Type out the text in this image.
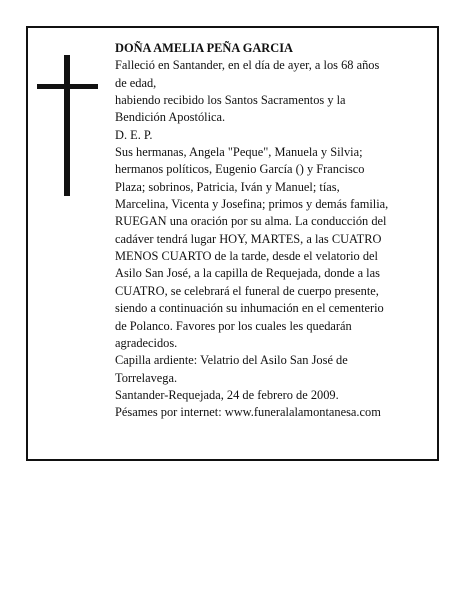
DOÑA AMELIA PEÑA GARCIA
Falleció en Santander, en el día de ayer, a los 68 años
de edad,
habiendo recibido los Santos Sacramentos y la
Bendición Apostólica.
D. E. P.
Sus hermanas, Angela "Peque", Manuela y Silvia;
hermanos políticos, Eugenio García () y Francisco
Plaza; sobrinos, Patricia, Iván y Manuel; tías,
Marcelina, Vicenta y Josefina; primos y demás familia,
RUEGAN una oración por su alma. La conducción del
cadáver tendrá lugar HOY, MARTES, a las CUATRO
MENOS CUARTO de la tarde, desde el velatorio del
Asilo San José, a la capilla de Requejada, donde a las
CUATRO, se celebrará el funeral de cuerpo presente,
siendo a continuación su inhumación en el cementerio
de Polanco. Favores por los cuales les quedarán
agradecidos.
Capilla ardiente: Velatrio del Asilo San José de
Torrelavega.
Santander-Requejada, 24 de febrero de 2009.
Pésames por internet: www.funeralalamontanesa.com
